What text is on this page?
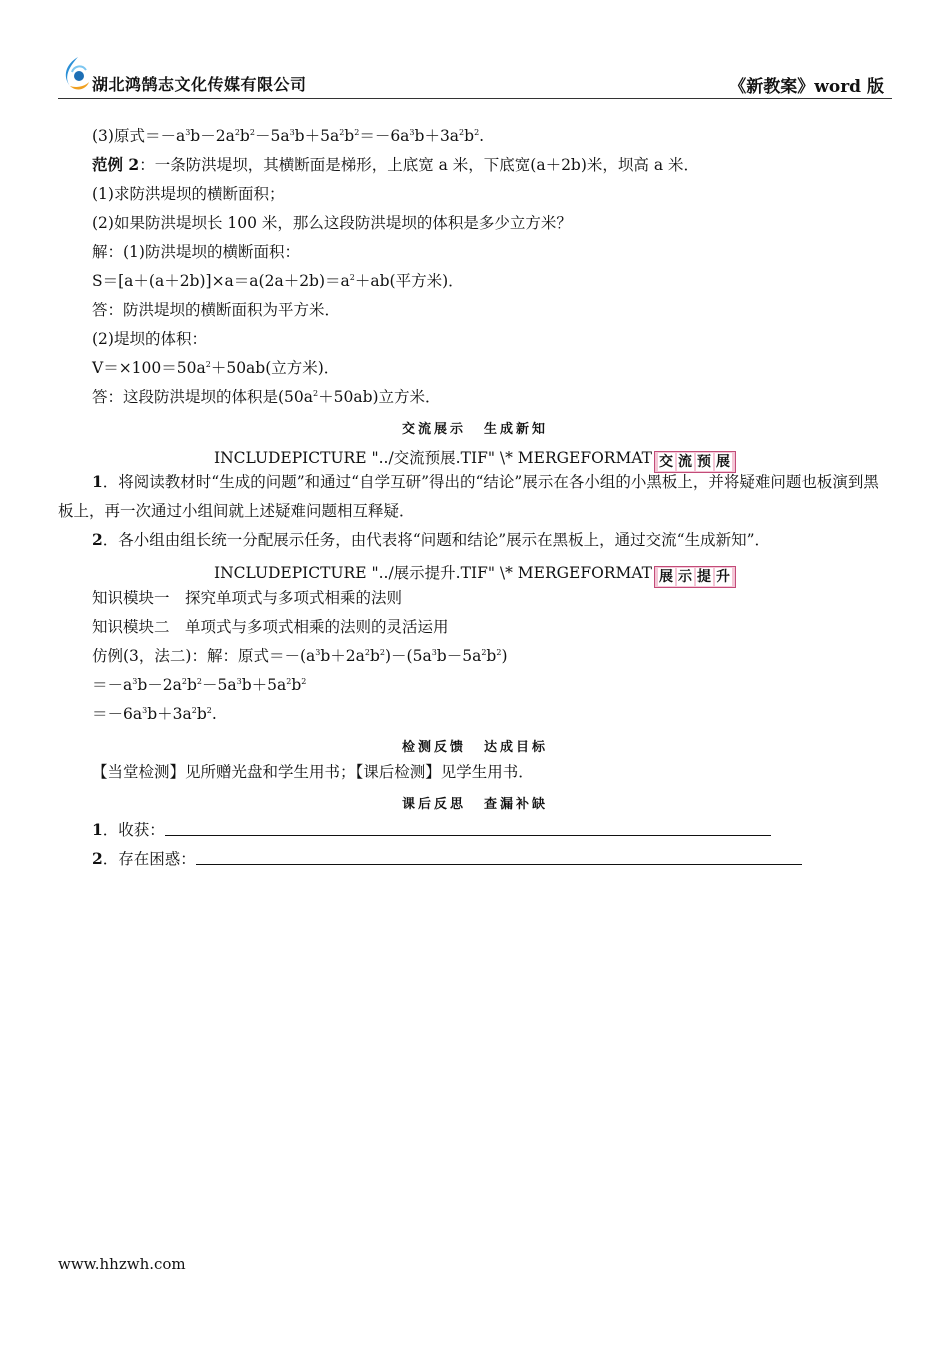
湖北鸿鹄志文化传媒有限公司	《新教案》word 版
(3)原式$=-a^3b-2a^2b^2-5a^3b+5a^2b^2=-6a^3b+3a^2b^2$.
范例 2：一条防洪堤坝，其横断面是梯形，上底宽 a 米，下底宽(a＋2b)米，坝高 a 米．
(1)求防洪堤坝的横断面积；
(2)如果防洪堤坝长 100 米，那么这段防洪堤坝的体积是多少立方米？
解：(1)防洪堤坝的横断面积：
$S=[a+(a+2b)]\times a=a(2a+2b)=a^2+ab$(平方米)．
答：防洪堤坝的横断面积为平方米．
(2)堤坝的体积：
$V=\times 100=50a^2+50ab$(立方米)．
答：这段防洪堤坝的体积是$(50a^2+50ab)$立方米．
交流展示 生成新知
INCLUDEPICTURE "../交流预展.TIF" \* MERGEFORMAT 交 流 预 展
1．将阅读教材时“生成的问题”和通过“自学互研”得出的“结论”展示在各小组的小黑板上，并将疑难问题也板演到黑板上，再一次通过小组间就上述疑难问题相互释疑．
2．各小组由组长统一分配展示任务，由代表将“问题和结论”展示在黑板上，通过交流“生成新知”．
INCLUDEPICTURE "../展示提升.TIF" \* MERGEFORMAT 展 示 提 升
知识模块一　探究单项式与多项式相乘的法则
知识模块二　单项式与多项式相乘的法则的灵活运用
仿例(3，法二)：解：原式$=-(a^3b+2a^2b^2)-(5a^3b-5a^2b^2)$
$=-a^3b-2a^2b^2-5a^3b+5a^2b^2$
$=-6a^3b+3a^2b^2$.
检测反馈 达成目标
【当堂检测】见所赠光盘和学生用书；【课后检测】见学生用书．
课后反思 查漏补缺
1．收获：
2．存在困惑：
www.hhzwh.com
